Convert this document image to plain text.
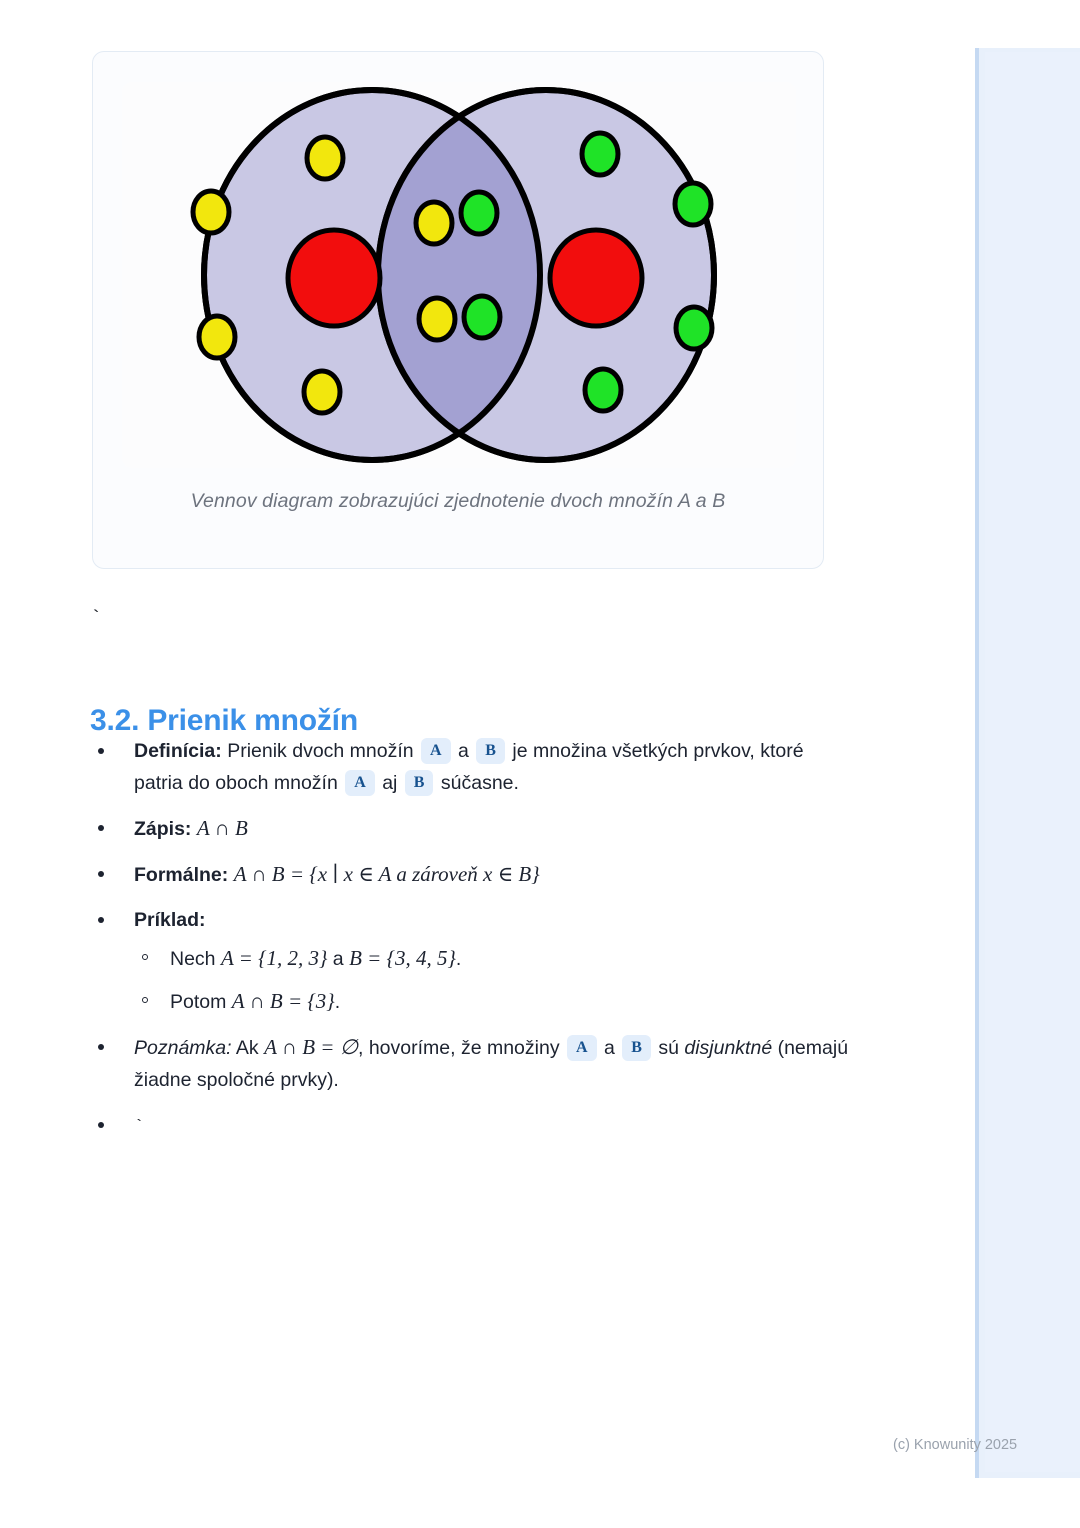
Vennov diagram zobrazujúci zjednotenie dvoch množín A a B
`
3.2. Prienik množín
Definícia: Prienik dvoch množín A a B je množina všetkých prvkov, ktoré patria do oboch množín A aj B súčasne.
Zápis: A ∩ B
Formálne: A ∩ B = {x ∣ x ∈ A a zároveň x ∈ B}
Príklad:
Nech A = {1, 2, 3} a B = {3, 4, 5}.
Potom A ∩ B = {3}.
Poznámka: Ak A ∩ B = ∅, hovoríme, že množiny A a B sú disjunktné (nemajú žiadne spoločné prvky).
`
(c) Knowunity 2025
